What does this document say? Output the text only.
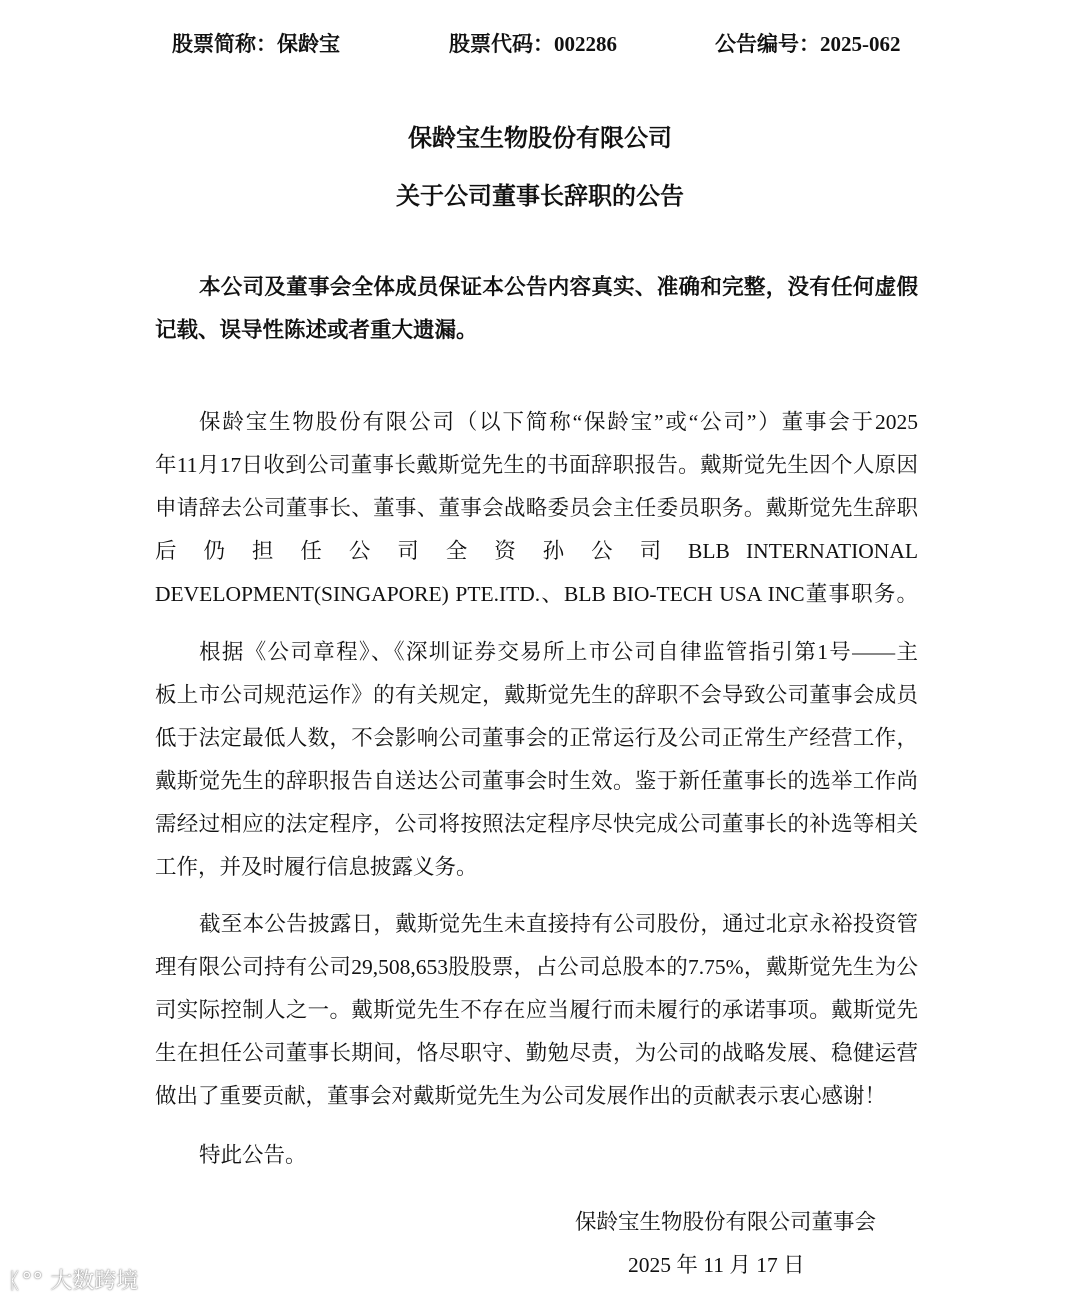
股票简称：保龄宝	股票代码：002286	公告编号：2025-062
保龄宝生物股份有限公司
关于公司董事长辞职的公告
本公司及董事会全体成员保证本公告内容真实、准确和完整，没有任何虚假
记载、误导性陈述或者重大遗漏。
保龄宝生物股份有限公司（以下简称“保龄宝”或“公司”）董事会于2025
年11月17日收到公司董事长戴斯觉先生的书面辞职报告。戴斯觉先生因个人原因
申请辞去公司董事长、董事、董事会战略委员会主任委员职务。戴斯觉先生辞职
后 仍 担 任 公 司 全 资 孙 公 司 BLB INTERNATIONAL
DEVELOPMENT(SINGAPORE) PTE.ITD.、BLB BIO-TECH USA INC董事职务。
根据《公司章程》、《深圳证券交易所上市公司自律监管指引第1号——主
板上市公司规范运作》的有关规定，戴斯觉先生的辞职不会导致公司董事会成员
低于法定最低人数，不会影响公司董事会的正常运行及公司正常生产经营工作，
戴斯觉先生的辞职报告自送达公司董事会时生效。鉴于新任董事长的选举工作尚
需经过相应的法定程序，公司将按照法定程序尽快完成公司董事长的补选等相关
工作，并及时履行信息披露义务。
截至本公告披露日，戴斯觉先生未直接持有公司股份，通过北京永裕投资管
理有限公司持有公司29,508,653股股票，占公司总股本的7.75%，戴斯觉先生为公
司实际控制人之一。戴斯觉先生不存在应当履行而未履行的承诺事项。戴斯觉先
生在担任公司董事长期间，恪尽职守、勤勉尽责，为公司的战略发展、稳健运营
做出了重要贡献，董事会对戴斯觉先生为公司发展作出的贡献表示衷心感谢！
特此公告。
保龄宝生物股份有限公司董事会
2025 年 11 月 17 日
ᛕ°° 大数跨境
